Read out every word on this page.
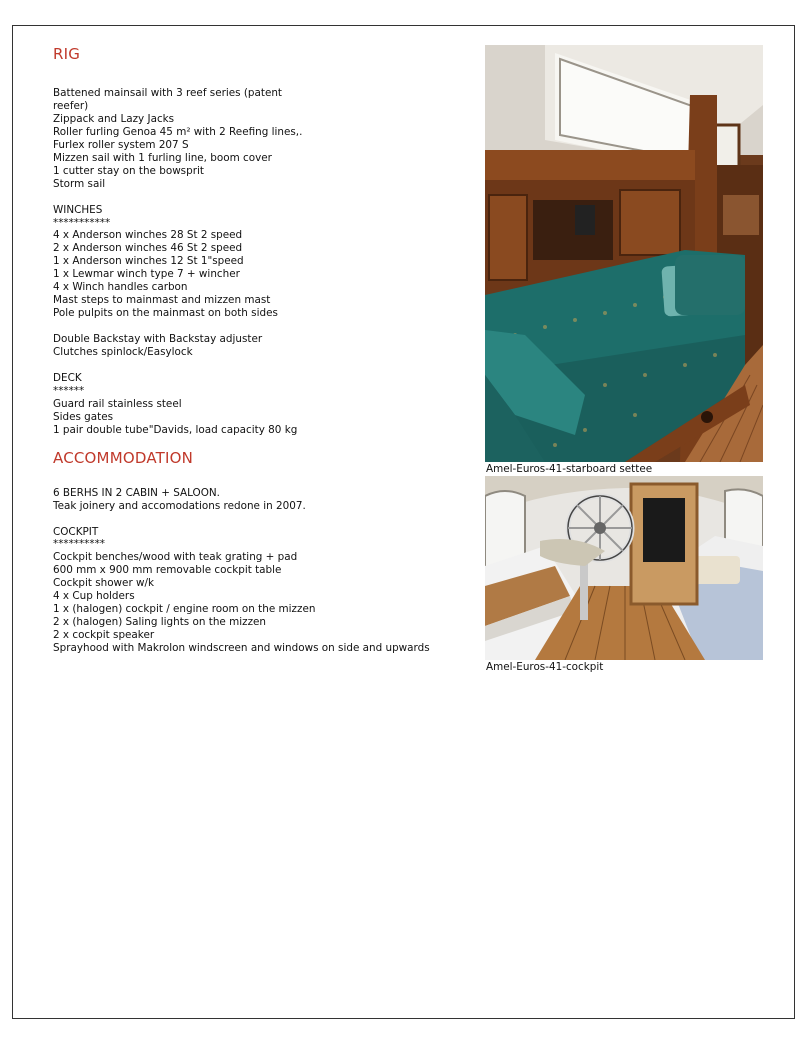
RIG

Battened mainsail with 3 reef series (patent

reefer)

Zippack and Lazy Jacks

Roller furling Genoa 45 m² with 2 Reefing lines,.

Furlex roller system 207 S

Mizzen sail with 1 furling line, boom cover

1 cutter stay on the bowsprit

Storm sail

WINCHES

***********

4 x Anderson winches 28 St 2 speed

2 x Anderson winches 46 St 2 speed

1 x Anderson winches 12 St 1"speed

1 x Lewmar winch type 7 + wincher

4 x Winch handles carbon

Mast steps to mainmast and mizzen mast

Pole pulpits on the mainmast on both sides

Double Backstay with Backstay adjuster

Clutches spinlock/Easylock

DECK

******

Guard rail stainless steel

Sides gates

1 pair double tube"Davids, load capacity 80 kg

ACCOMMODATION

6 BERHS IN 2 CABIN + SALOON.

Teak joinery and accomodations redone in 2007.

COCKPIT

**********

Cockpit benches/wood with teak grating + pad

600 mm x 900 mm removable cockpit table

Cockpit shower w/k

4 x Cup holders

1 x (halogen) cockpit / engine room on the mizzen

2 x (halogen) Saling lights on the mizzen

2 x cockpit speaker

Sprayhood with Makrolon windscreen and windows on side and upwards

Amel-Euros-41-starboard settee
Amel-Euros-41-cockpit
